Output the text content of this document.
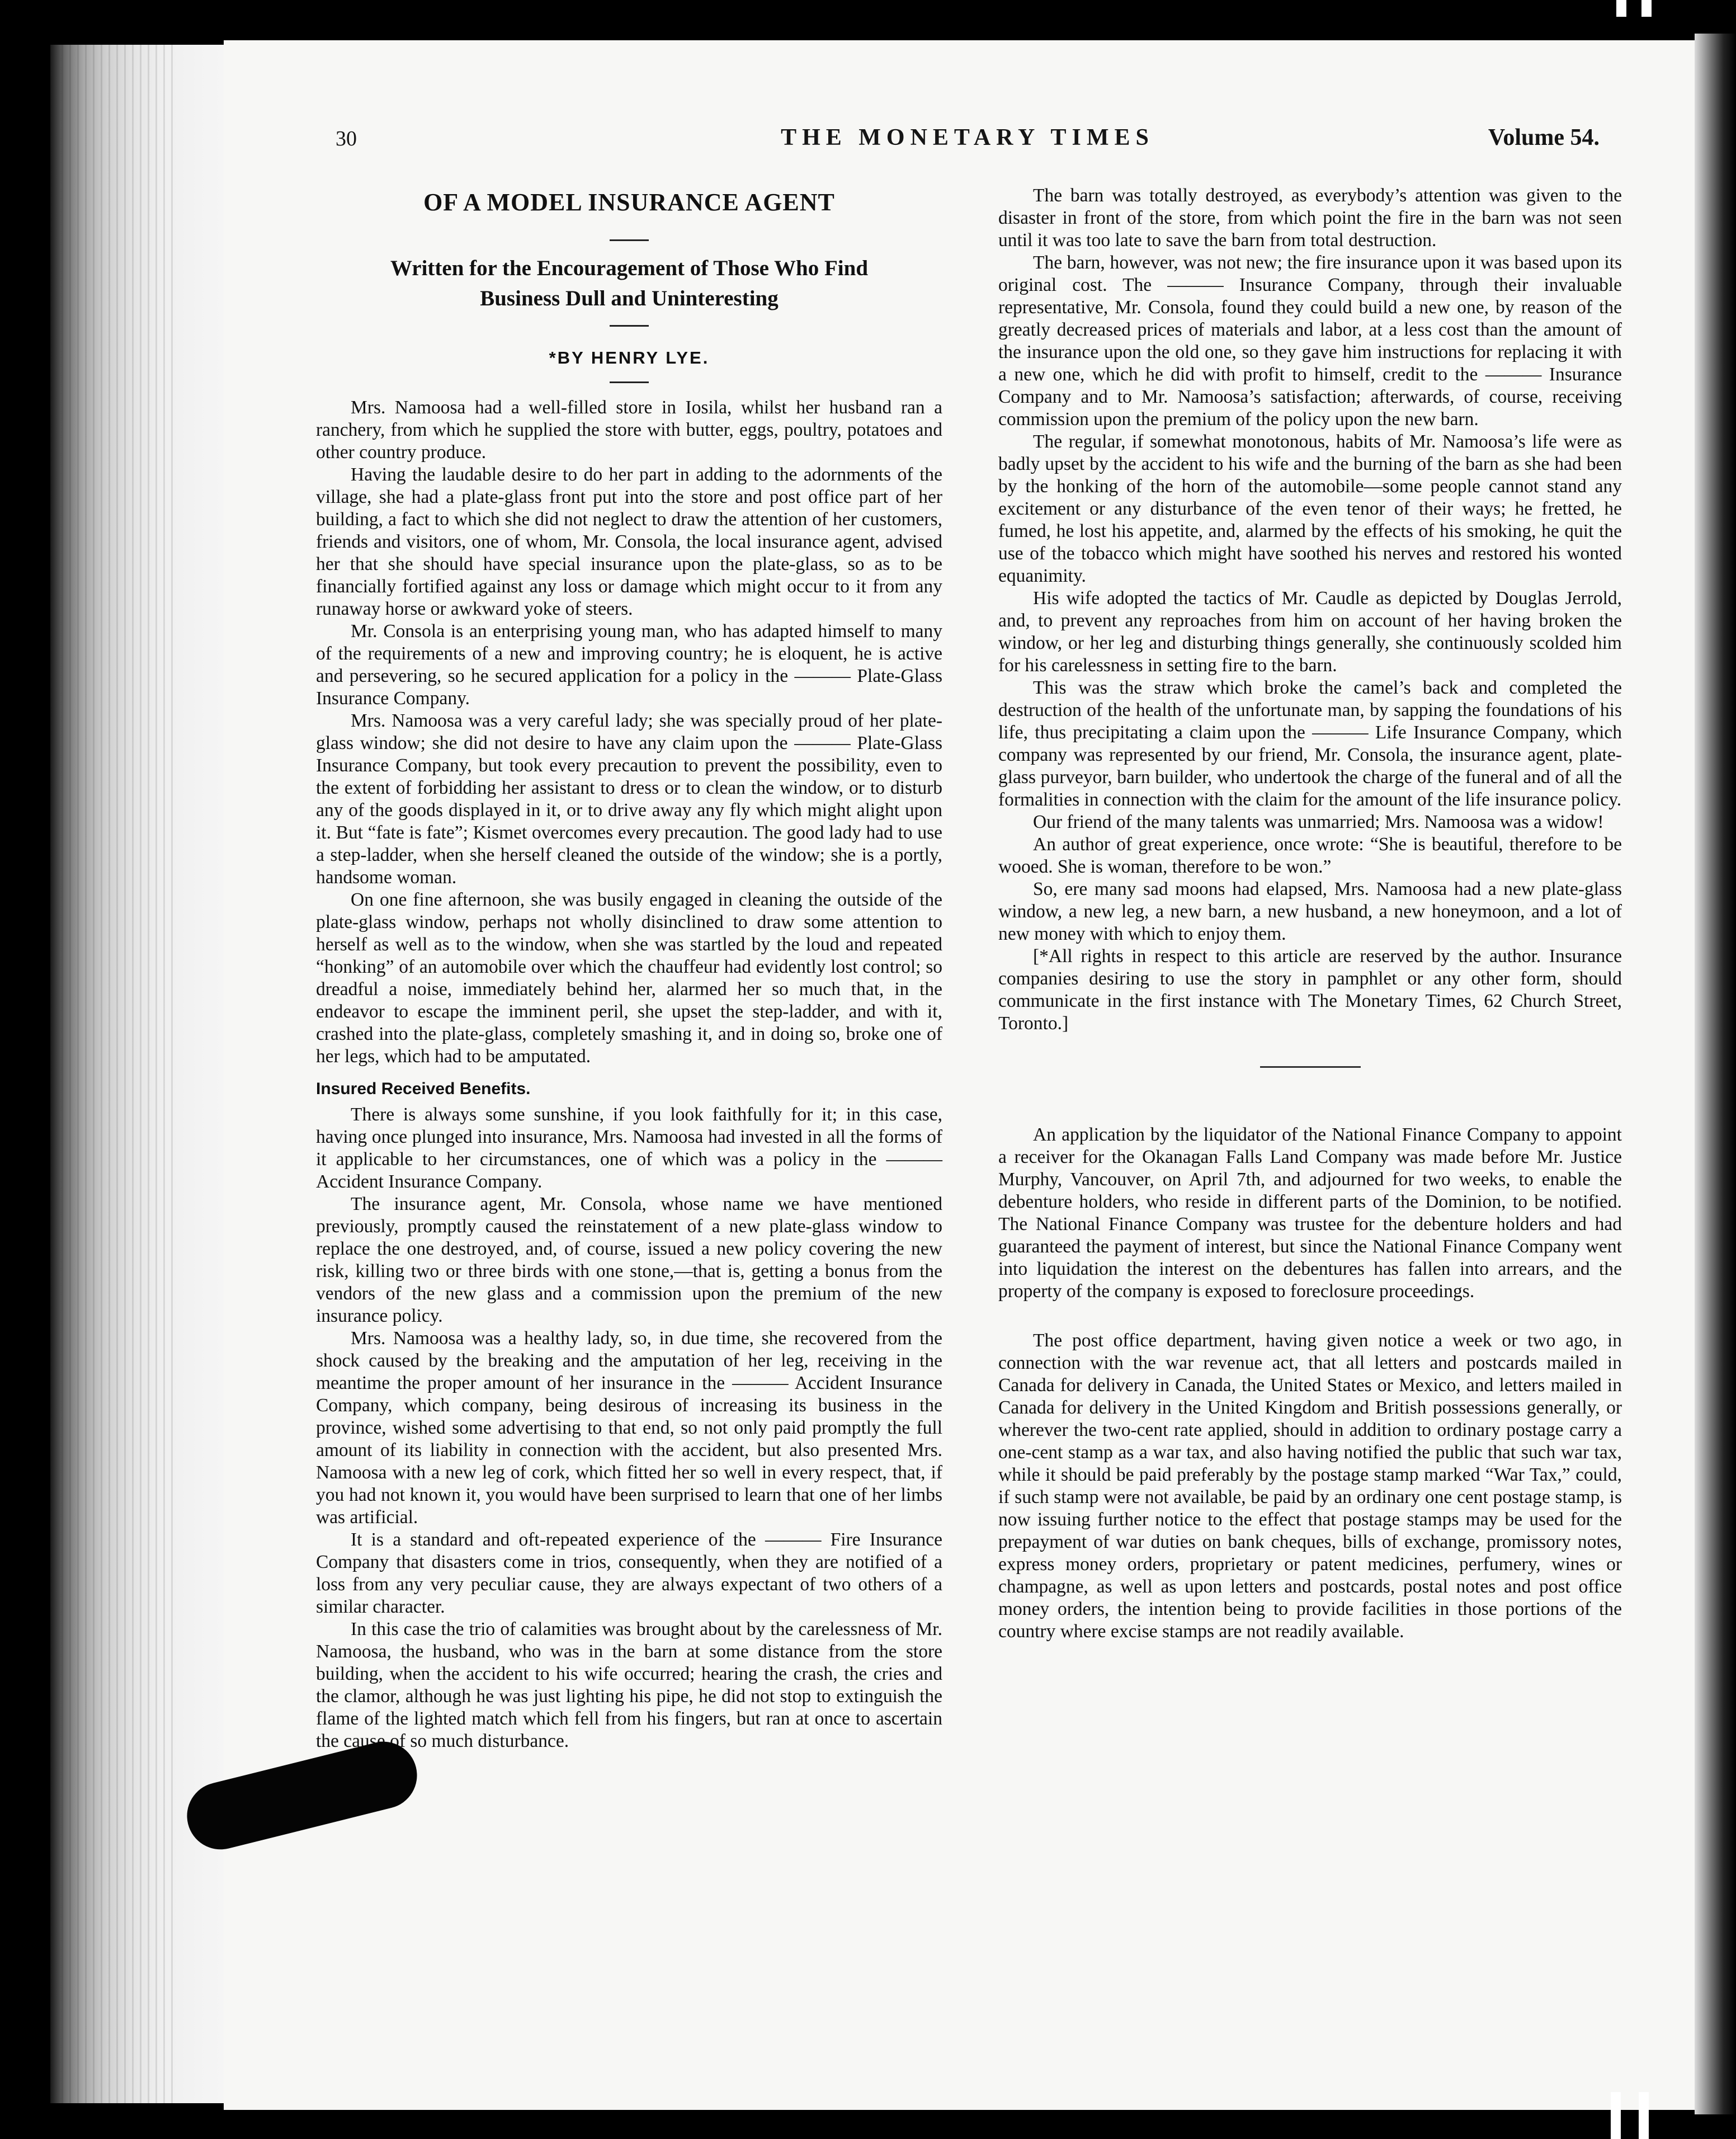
30	THE MONETARY TIMES	Volume 54.
OF A MODEL INSURANCE AGENT
Written for the Encouragement of Those Who Find Business Dull and Uninteresting
*BY HENRY LYE.

Mrs. Namoosa had a well-filled store in Iosila, whilst her husband ran a ranchery, from which he supplied the store with butter, eggs, poultry, potatoes and other country produce.

Having the laudable desire to do her part in adding to the adornments of the village, she had a plate-glass front put into the store and post office part of her building, a fact to which she did not neglect to draw the attention of her customers, friends and visitors, one of whom, Mr. Consola, the local insurance agent, advised her that she should have special insurance upon the plate-glass, so as to be financially fortified against any loss or damage which might occur to it from any runaway horse or awkward yoke of steers.

Mr. Consola is an enterprising young man, who has adapted himself to many of the requirements of a new and improving country; he is eloquent, he is active and persevering, so he secured application for a policy in the ——— Plate-Glass Insurance Company.

Mrs. Namoosa was a very careful lady; she was specially proud of her plate-glass window; she did not desire to have any claim upon the ——— Plate-Glass Insurance Company, but took every precaution to prevent the possibility, even to the extent of forbidding her assistant to dress or to clean the window, or to disturb any of the goods displayed in it, or to drive away any fly which might alight upon it. But “fate is fate”; Kismet overcomes every precaution. The good lady had to use a step-ladder, when she herself cleaned the outside of the window; she is a portly, handsome woman.

On one fine afternoon, she was busily engaged in cleaning the outside of the plate-glass window, perhaps not wholly disinclined to draw some attention to herself as well as to the window, when she was startled by the loud and repeated “honking” of an automobile over which the chauffeur had evidently lost control; so dreadful a noise, immediately behind her, alarmed her so much that, in the endeavor to escape the imminent peril, she upset the step-ladder, and with it, crashed into the plate-glass, completely smashing it, and in doing so, broke one of her legs, which had to be amputated.

Insured Received Benefits.

There is always some sunshine, if you look faithfully for it; in this case, having once plunged into insurance, Mrs. Namoosa had invested in all the forms of it applicable to her circumstances, one of which was a policy in the ——— Accident Insurance Company.

The insurance agent, Mr. Consola, whose name we have mentioned previously, promptly caused the reinstatement of a new plate-glass window to replace the one destroyed, and, of course, issued a new policy covering the new risk, killing two or three birds with one stone,—that is, getting a bonus from the vendors of the new glass and a commission upon the premium of the new insurance policy.

Mrs. Namoosa was a healthy lady, so, in due time, she recovered from the shock caused by the breaking and the amputation of her leg, receiving in the meantime the proper amount of her insurance in the ——— Accident Insurance Company, which company, being desirous of increasing its business in the province, wished some advertising to that end, so not only paid promptly the full amount of its liability in connection with the accident, but also presented Mrs. Namoosa with a new leg of cork, which fitted her so well in every respect, that, if you had not known it, you would have been surprised to learn that one of her limbs was artificial.

It is a standard and oft-repeated experience of the ——— Fire Insurance Company that disasters come in trios, consequently, when they are notified of a loss from any very peculiar cause, they are always expectant of two others of a similar character.

In this case the trio of calamities was brought about by the carelessness of Mr. Namoosa, the husband, who was in the barn at some distance from the store building, when the accident to his wife occurred; hearing the crash, the cries and the clamor, although he was just lighting his pipe, he did not stop to extinguish the flame of the lighted match which fell from his fingers, but ran at once to ascertain the cause of so much disturbance.

The barn was totally destroyed, as everybody’s attention was given to the disaster in front of the store, from which point the fire in the barn was not seen until it was too late to save the barn from total destruction.

The barn, however, was not new; the fire insurance upon it was based upon its original cost. The ——— Insurance Company, through their invaluable representative, Mr. Consola, found they could build a new one, by reason of the greatly decreased prices of materials and labor, at a less cost than the amount of the insurance upon the old one, so they gave him instructions for replacing it with a new one, which he did with profit to himself, credit to the ——— Insurance Company and to Mr. Namoosa’s satisfaction; afterwards, of course, receiving commission upon the premium of the policy upon the new barn.

The regular, if somewhat monotonous, habits of Mr. Namoosa’s life were as badly upset by the accident to his wife and the burning of the barn as she had been by the honking of the horn of the automobile—some people cannot stand any excitement or any disturbance of the even tenor of their ways; he fretted, he fumed, he lost his appetite, and, alarmed by the effects of his smoking, he quit the use of the tobacco which might have soothed his nerves and restored his wonted equanimity.

His wife adopted the tactics of Mr. Caudle as depicted by Douglas Jerrold, and, to prevent any reproaches from him on account of her having broken the window, or her leg and disturbing things generally, she continuously scolded him for his carelessness in setting fire to the barn.

This was the straw which broke the camel’s back and completed the destruction of the health of the unfortunate man, by sapping the foundations of his life, thus precipitating a claim upon the ——— Life Insurance Company, which company was represented by our friend, Mr. Consola, the insurance agent, plate-glass purveyor, barn builder, who undertook the charge of the funeral and of all the formalities in connection with the claim for the amount of the life insurance policy.

Our friend of the many talents was unmarried; Mrs. Namoosa was a widow!

An author of great experience, once wrote: “She is beautiful, therefore to be wooed. She is woman, therefore to be won.”

So, ere many sad moons had elapsed, Mrs. Namoosa had a new plate-glass window, a new leg, a new barn, a new husband, a new honeymoon, and a lot of new money with which to enjoy them.

[*All rights in respect to this article are reserved by the author. Insurance companies desiring to use the story in pamphlet or any other form, should communicate in the first instance with The Monetary Times, 62 Church Street, Toronto.]

An application by the liquidator of the National Finance Company to appoint a receiver for the Okanagan Falls Land Company was made before Mr. Justice Murphy, Vancouver, on April 7th, and adjourned for two weeks, to enable the debenture holders, who reside in different parts of the Dominion, to be notified. The National Finance Company was trustee for the debenture holders and had guaranteed the payment of interest, but since the National Finance Company went into liquidation the interest on the debentures has fallen into arrears, and the property of the company is exposed to foreclosure proceedings.

The post office department, having given notice a week or two ago, in connection with the war revenue act, that all letters and postcards mailed in Canada for delivery in Canada, the United States or Mexico, and letters mailed in Canada for delivery in the United Kingdom and British possessions generally, or wherever the two-cent rate applied, should in addition to ordinary postage carry a one-cent stamp as a war tax, and also having notified the public that such war tax, while it should be paid preferably by the postage stamp marked “War Tax,” could, if such stamp were not available, be paid by an ordinary one cent postage stamp, is now issuing further notice to the effect that postage stamps may be used for the prepayment of war duties on bank cheques, bills of exchange, promissory notes, express money orders, proprietary or patent medicines, perfumery, wines or champagne, as well as upon letters and postcards, postal notes and post office money orders, the intention being to provide facilities in those portions of the country where excise stamps are not readily available.
